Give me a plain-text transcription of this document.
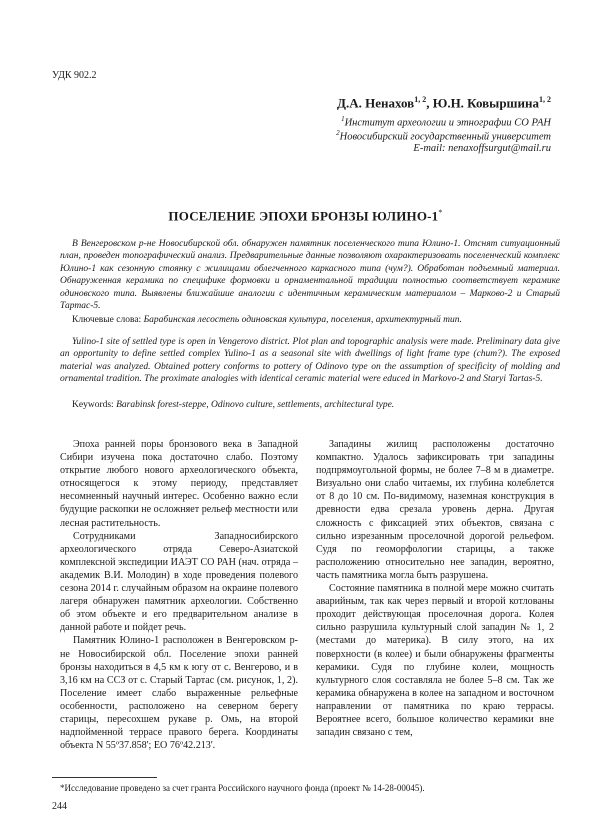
УДК 902.2
Д.А. Ненахов$^{1, 2}$, Ю.Н. Ковыршина$^{1, 2}$
$^1$Институт археологии и этнографии СО РАН
$^2$Новосибирский государственный университет
E-mail: nenaxoffsurgut@mail.ru
ПОСЕЛЕНИЕ ЭПОХИ БРОНЗЫ ЮЛИНО-1*

В Венгеровском р-не Новосибирской обл. обнаружен памятник поселенческого типа Юлино-1. Отснят ситуационный план, проведен топографический анализ. Предварительные данные позволяют охарактеризовать поселенческий комплекс Юлино-1 как сезонную стоянку с жилищами облегченного каркасного типа (чум?). Обработан подъемный материал. Обнаруженная керамика по специфике формовки и орнаментальной традиции полностью соответствует керамике одиновского типа. Выявлены ближайшие аналогии с идентичным керамическим материалом – Марково-2 и Старый Тартас-5.

Ключевые слова: Барабинская лесостепь одиновская культура, поселения, архитектурный тип.

Yulino-1 site of settled type is open in Vengerovo district. Plot plan and topographic analysis were made. Preliminary data give an opportunity to define settled complex Yulino-1 as a seasonal site with dwellings of light frame type (chum?). The exposed material was analyzed. Obtained pottery conforms to pottery of Odinovo type on the assumption of specificity of molding and ornamental tradition. The proximate analogies with identical ceramic material were educed in Markovo-2 and Staryi Tartas-5.

Keywords: Barabinsk forest-steppe, Odinovo culture, settlements, architectural type.

Эпоха ранней поры бронзового века в Западной Сибири изучена пока достаточно слабо. Поэтому открытие любого нового археологического объекта, относящегося к этому периоду, представляет несомненный научный интерес. Особенно важно если будущие раскопки не осложняет рельеф местности или лесная растительность.

Сотрудниками Западносибирского археологического отряда Северо-Азиатской комплексной экспедиции ИАЭТ СО РАН (нач. отряда – академик В.И. Молодин) в ходе проведения полевого сезона 2014 г. случайным образом на окраине полевого лагеря обнаружен памятник археологии. Собственно об этом объекте и его предварительном анализе в данной работе и пойдет речь.

Памятник Юлино-1 расположен в Венгеровском р-не Новосибирской обл. Поселение эпохи ранней бронзы находиться в 4,5 км к югу от с. Венгерово, и в 3,16 км на ССЗ от с. Старый Тартас (см. рисунок, 1, 2). Поселение имеет слабо выраженные рельефные особенности, расположено на северном берегу старицы, пересохшем рукаве р. Омь, на второй надпойменной террасе правого берега. Координаты объекта N 55º37.858'; ЕО 76º42.213'.

Западины жилищ расположены достаточно компактно. Удалось зафиксировать три западины подпрямоугольной формы, не более 7–8 м в диаметре. Визуально они слабо читаемы, их глубина колеблется от 8 до 10 см. По-видимому, наземная конструкция в древности едва срезала уровень дерна. Другая сложность с фиксацией этих объектов, связана с сильно изрезанным проселочной дорогой рельефом. Судя по геоморфологии старицы, а также расположению относительно нее западин, вероятно, часть памятника могла быть разрушена.

Состояние памятника в полной мере можно считать аварийным, так как через первый и второй котлованы проходит действующая проселочная дорога. Колея сильно разрушила культурный слой западин № 1, 2 (местами до материка). В силу этого, на их поверхности (в колее) и были обнаружены фрагменты керамики. Судя по глубине колеи, мощность культурного слоя составляла не более 5–8 см. Так же керамика обнаружена в колее на западном и восточном направлении от памятника по краю террасы. Вероятнее всего, большое количество керамики вне западин связано с тем,

*Исследование проведено за счет гранта Российского научного фонда (проект № 14-28-00045).
244
